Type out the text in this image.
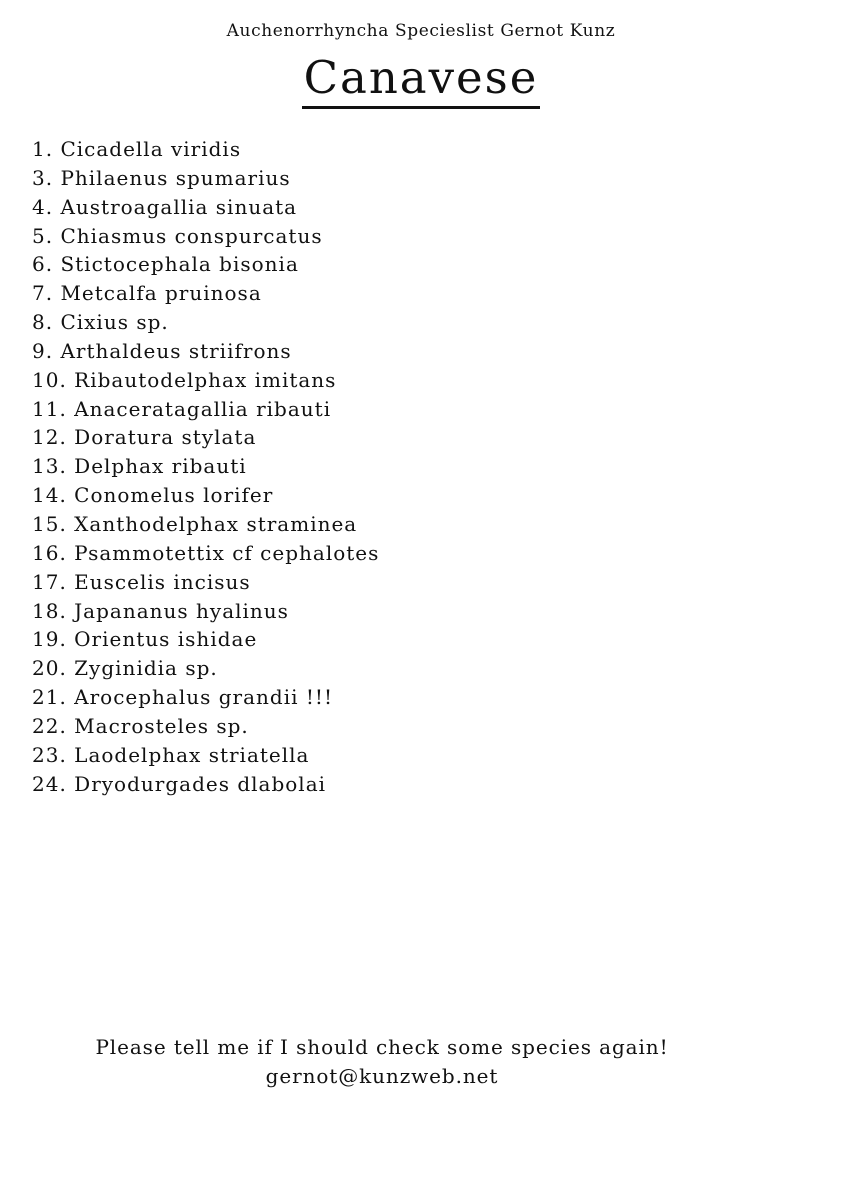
Auchenorrhyncha Specieslist Gernot Kunz
Canavese
1. Cicadella viridis
3. Philaenus spumarius
4. Austroagallia sinuata
5. Chiasmus conspurcatus
6. Stictocephala bisonia
7. Metcalfa pruinosa
8. Cixius sp.
9. Arthaldeus striifrons
10. Ribautodelphax imitans
11. Anaceratagallia ribauti
12. Doratura stylata
13. Delphax ribauti
14. Conomelus lorifer
15. Xanthodelphax straminea
16. Psammotettix cf cephalotes
17. Euscelis incisus
18. Japananus hyalinus
19. Orientus ishidae
20. Zyginidia sp.
21. Arocephalus grandii !!!
22. Macrosteles sp.
23. Laodelphax striatella
24. Dryodurgades dlabolai
Please tell me if I should check some species again!
gernot@kunzweb.net
